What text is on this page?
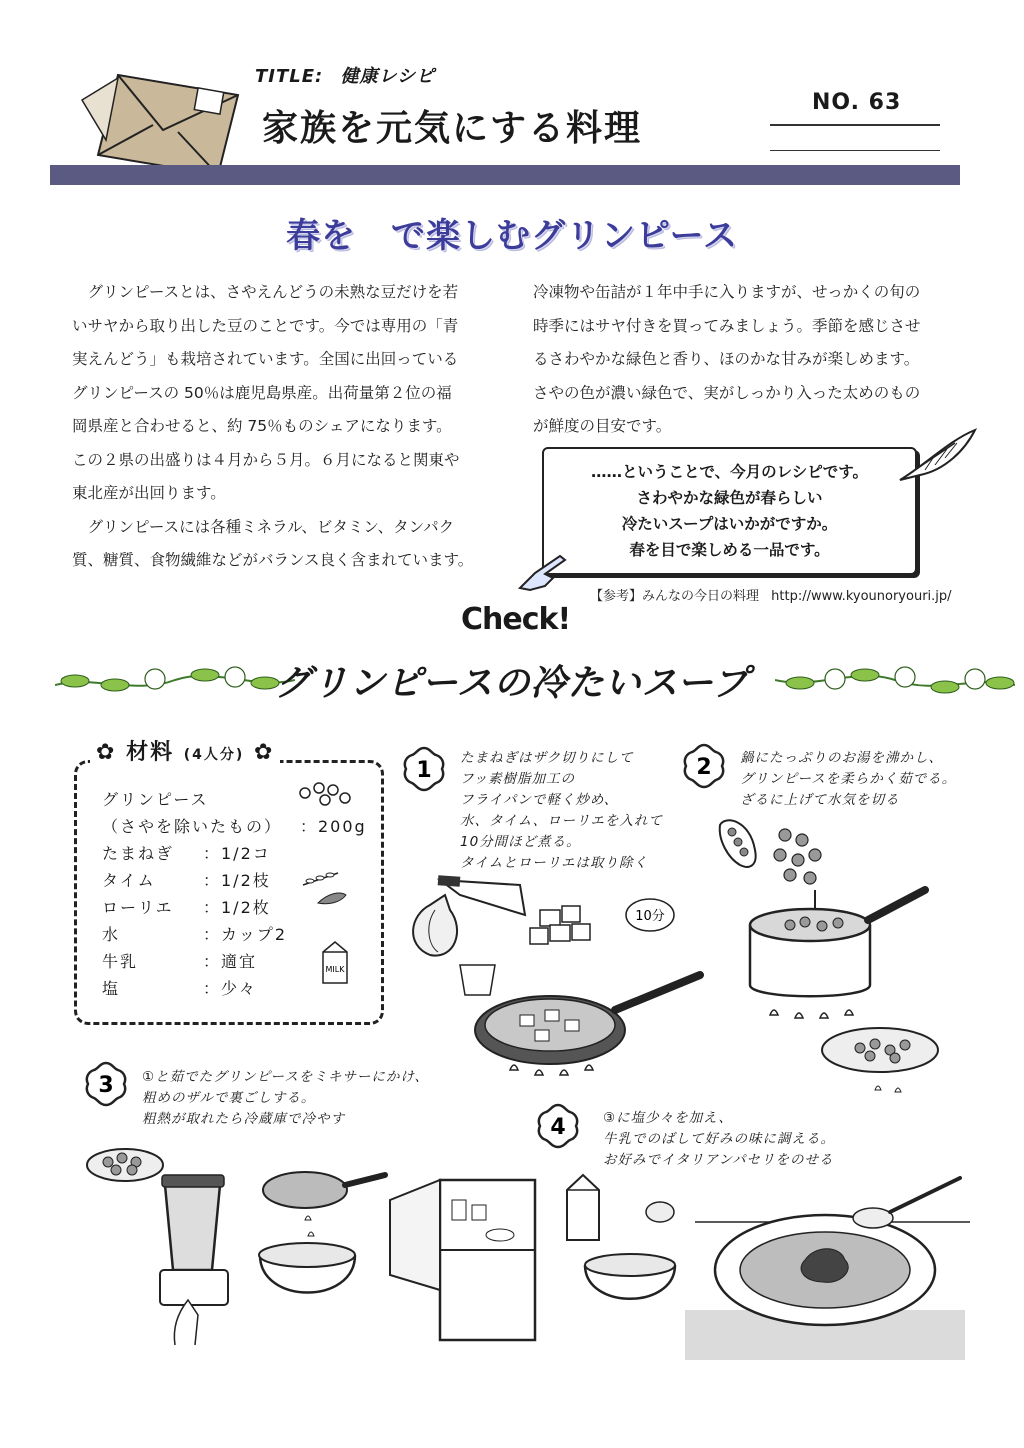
TITLE: 健康レシピ
家族を元気にする料理
NO. 63
春を　で楽しむグリンピース

グリンピースとは、さやえんどうの未熟な豆だけを若

いサヤから取り出した豆のことです。今では専用の「青

実えんどう」も栽培されています。全国に出回っている

グリンピースの 50％は鹿児島県産。出荷量第２位の福

岡県産と合わせると、約 75％ものシェアになります。

この２県の出盛りは４月から５月。６月になると関東や

東北産が出回ります。

グリンピースには各種ミネラル、ビタミン、タンパク

質、糖質、食物繊維などがバランス良く含まれています。

冷凍物や缶詰が１年中手に入りますが、せっかくの旬の

時季にはサヤ付きを買ってみましょう。季節を感じさせ

るさわやかな緑色と香り、ほのかな甘みが楽しめます。

さやの色が濃い緑色で、実がしっかり入った太めのもの

が鮮度の目安です。

……ということで、今月のレシピです。
さわやかな緑色が春らしい
冷たいスープはいかがですか。
春を目で楽しめる一品です。
【参考】みんなの今日の料理 http://www.kyounoryouri.jp/
Check!
グリンピースの冷たいスープ
✿ 材料 (4人分) ✿
グリンピース
（さやを除いたもの） ：200g
たまねぎ ：1/2コ
タイム	：1/2枝
ローリエ ：1/2枚
水	：カップ2
牛乳	：適宜
塩	：少々
MILK
1 たまねぎはザク切りにして
フッ素樹脂加工の
フライパンで軽く炒め、
水、タイム、ローリエを入れて
10分間ほど煮る。
タイムとローリエは取り除く
10分
2 鍋にたっぷりのお湯を沸かし、
グリンピースを柔らかく茹でる。
ざるに上げて水気を切る
3 ①と茹でたグリンピースをミキサーにかけ、
粗めのザルで裏ごしする。
粗熱が取れたら冷蔵庫で冷やす	4	③に塩少々を加え、
牛乳でのばして好みの味に調える。
お好みでイタリアンパセリをのせる
